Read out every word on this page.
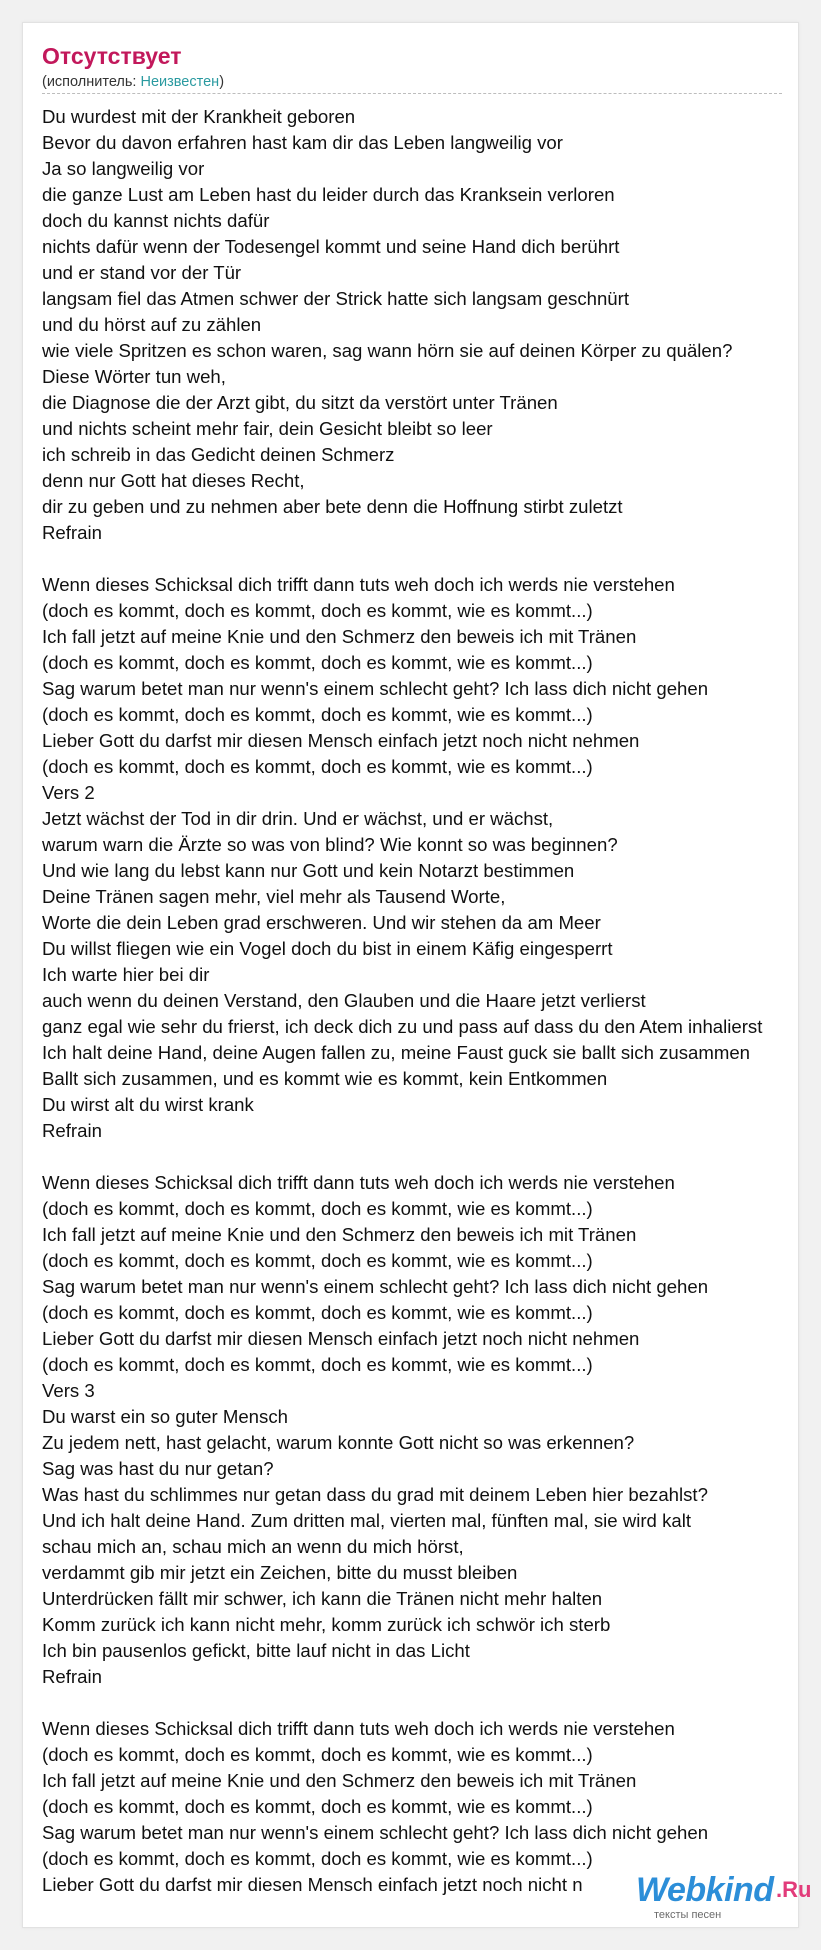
Отсутствует
(исполнитель: Неизвестен)
Du wurdest mit der Krankheit geboren
Bevor du davon erfahren hast kam dir das Leben langweilig vor
Ja so langweilig vor
die ganze Lust am Leben hast du leider durch das Kranksein verloren
doch du kannst nichts dafür
nichts dafür wenn der Todesengel kommt und seine Hand dich berührt
und er stand vor der Tür
langsam fiel das Atmen schwer der Strick hatte sich langsam geschnürt
und du hörst auf zu zählen
wie viele Spritzen es schon waren, sag wann hörn sie auf deinen Körper zu quälen?
Diese Wörter tun weh,
die Diagnose die der Arzt gibt, du sitzt da verstört unter Tränen
und nichts scheint mehr fair, dein Gesicht bleibt so leer
ich schreib in das Gedicht deinen Schmerz
denn nur Gott hat dieses Recht,
dir zu geben und zu nehmen aber bete denn die Hoffnung stirbt zuletzt
Refrain
Wenn dieses Schicksal dich trifft dann tuts weh doch ich werds nie verstehen
(doch es kommt, doch es kommt, doch es kommt, wie es kommt...)
Ich fall jetzt auf meine Knie und den Schmerz den beweis ich mit Tränen
(doch es kommt, doch es kommt, doch es kommt, wie es kommt...)
Sag warum betet man nur wenn's einem schlecht geht? Ich lass dich nicht gehen
(doch es kommt, doch es kommt, doch es kommt, wie es kommt...)
Lieber Gott du darfst mir diesen Mensch einfach jetzt noch nicht nehmen
(doch es kommt, doch es kommt, doch es kommt, wie es kommt...)
Vers 2
Jetzt wächst der Tod in dir drin. Und er wächst, und er wächst,
warum warn die Ärzte so was von blind? Wie konnt so was beginnen?
Und wie lang du lebst kann nur Gott und kein Notarzt bestimmen
Deine Tränen sagen mehr, viel mehr als Tausend Worte,
Worte die dein Leben grad erschweren. Und wir stehen da am Meer
Du willst fliegen wie ein Vogel doch du bist in einem Käfig eingesperrt
Ich warte hier bei dir
auch wenn du deinen Verstand, den Glauben und die Haare jetzt verlierst
ganz egal wie sehr du frierst, ich deck dich zu und pass auf dass du den Atem inhalierst
Ich halt deine Hand, deine Augen fallen zu, meine Faust guck sie ballt sich zusammen
Ballt sich zusammen, und es kommt wie es kommt, kein Entkommen
Du wirst alt du wirst krank
Refrain
Wenn dieses Schicksal dich trifft dann tuts weh doch ich werds nie verstehen
(doch es kommt, doch es kommt, doch es kommt, wie es kommt...)
Ich fall jetzt auf meine Knie und den Schmerz den beweis ich mit Tränen
(doch es kommt, doch es kommt, doch es kommt, wie es kommt...)
Sag warum betet man nur wenn's einem schlecht geht? Ich lass dich nicht gehen
(doch es kommt, doch es kommt, doch es kommt, wie es kommt...)
Lieber Gott du darfst mir diesen Mensch einfach jetzt noch nicht nehmen
(doch es kommt, doch es kommt, doch es kommt, wie es kommt...)
Vers 3
Du warst ein so guter Mensch
Zu jedem nett, hast gelacht, warum konnte Gott nicht so was erkennen?
Sag was hast du nur getan?
Was hast du schlimmes nur getan dass du grad mit deinem Leben hier bezahlst?
Und ich halt deine Hand. Zum dritten mal, vierten mal, fünften mal, sie wird kalt
schau mich an, schau mich an wenn du mich hörst,
verdammt gib mir jetzt ein Zeichen, bitte du musst bleiben
Unterdrücken fällt mir schwer, ich kann die Tränen nicht mehr halten
Komm zurück ich kann nicht mehr, komm zurück ich schwör ich sterb
Ich bin pausenlos gefickt, bitte lauf nicht in das Licht
Refrain
Wenn dieses Schicksal dich trifft dann tuts weh doch ich werds nie verstehen
(doch es kommt, doch es kommt, doch es kommt, wie es kommt...)
Ich fall jetzt auf meine Knie und den Schmerz den beweis ich mit Tränen
(doch es kommt, doch es kommt, doch es kommt, wie es kommt...)
Sag warum betet man nur wenn's einem schlecht geht? Ich lass dich nicht gehen
(doch es kommt, doch es kommt, doch es kommt, wie es kommt...)
Lieber Gott du darfst mir diesen Mensch einfach jetzt noch nicht n	Webkind .Ru
тексты песен
